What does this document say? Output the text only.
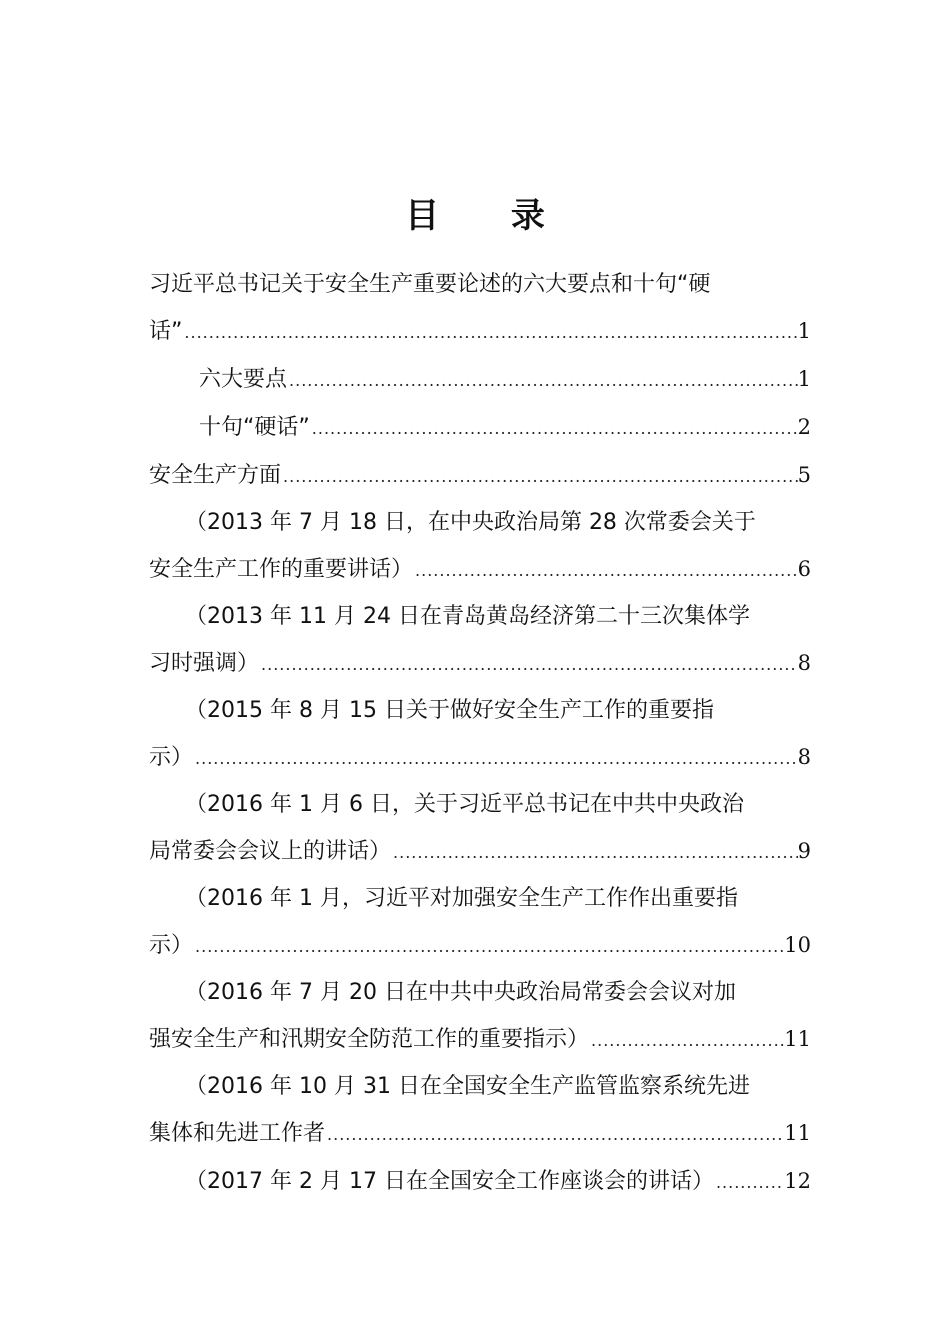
目 录
习近平总书记关于安全生产重要论述的六大要点和十句“硬
话” .....	1
六大要点 .....	1
十句“硬话” .....	2
安全生产方面 .....	5
（2013 年 7 月 18 日，在中央政治局第 28 次常委会关于
安全生产工作的重要讲话） .....	6
（2013 年 11 月 24 日在青岛黄岛经济第二十三次集体学
习时强调） .....	8
（2015 年 8 月 15 日关于做好安全生产工作的重要指
示） .....	8
（2016 年 1 月 6 日，关于习近平总书记在中共中央政治
局常委会会议上的讲话） .....	9
（2016 年 1 月，习近平对加强安全生产工作作出重要指
示） .....	10
（2016 年 7 月 20 日在中共中央政治局常委会会议对加
强安全生产和汛期安全防范工作的重要指示） .....	11
（2016 年 10 月 31 日在全国安全生产监管监察系统先进
集体和先进工作者 .....	11
（2017 年 2 月 17 日在全国安全工作座谈会的讲话） .....	12
